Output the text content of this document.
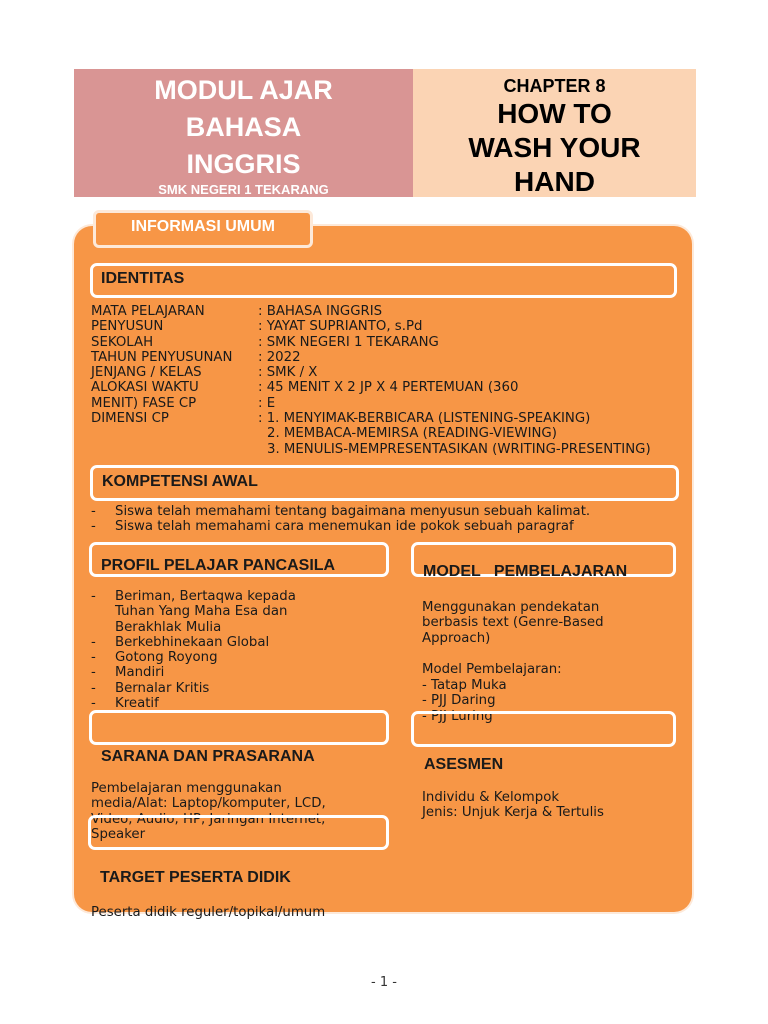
MODUL AJAR
BAHASA
INGGRIS
SMK NEGERI 1 TEKARANG
CHAPTER 8
HOW TO
WASH YOUR
HAND
INFORMASI UMUM
IDENTITAS
MATA PELAJARAN	: BAHASA INGGRIS
PENYUSUN	: YAYAT SUPRIANTO, s.Pd
SEKOLAH	: SMK NEGERI 1 TEKARANG
TAHUN PENYUSUNAN : 2022
JENJANG / KELAS	: SMK / X
ALOKASI WAKTU	: 45 MENIT X 2 JP X 4 PERTEMUAN (360
MENIT) FASE CP	: E
DIMENSI CP	: 1. MENYIMAK-BERBICARA (LISTENING-SPEAKING)
2. MEMBACA-MEMIRSA (READING-VIEWING)
3. MENULIS-MEMPRESENTASIKAN (WRITING-PRESENTING)
KOMPETENSI AWAL
- Siswa telah memahami tentang bagaimana menyusun sebuah kalimat.
- Siswa telah memahami cara menemukan ide pokok sebuah paragraf
PROFIL PELAJAR PANCASILA
- Beriman, Bertaqwa kepada Tuhan Yang Maha Esa dan Berakhlak Mulia
- Berkebhinekaan Global
- Gotong Royong
- Mandiri
- Bernalar Kritis
- Kreatif
MODEL   PEMBELAJARAN
Menggunakan pendekatan berbasis text (Genre-Based Approach)
Model Pembelajaran:
- Tatap Muka
- PJJ Daring
- PJJ Luring
SARANA DAN PRASARANA
Pembelajaran menggunakan media/Alat: Laptop/komputer, LCD, Video, Audio, HP, Jaringan Internet, Speaker
ASESMEN
Individu & Kelompok
Jenis: Unjuk Kerja & Tertulis
TARGET PESERTA DIDIK
Peserta didik reguler/topikal/umum
- 1 -
